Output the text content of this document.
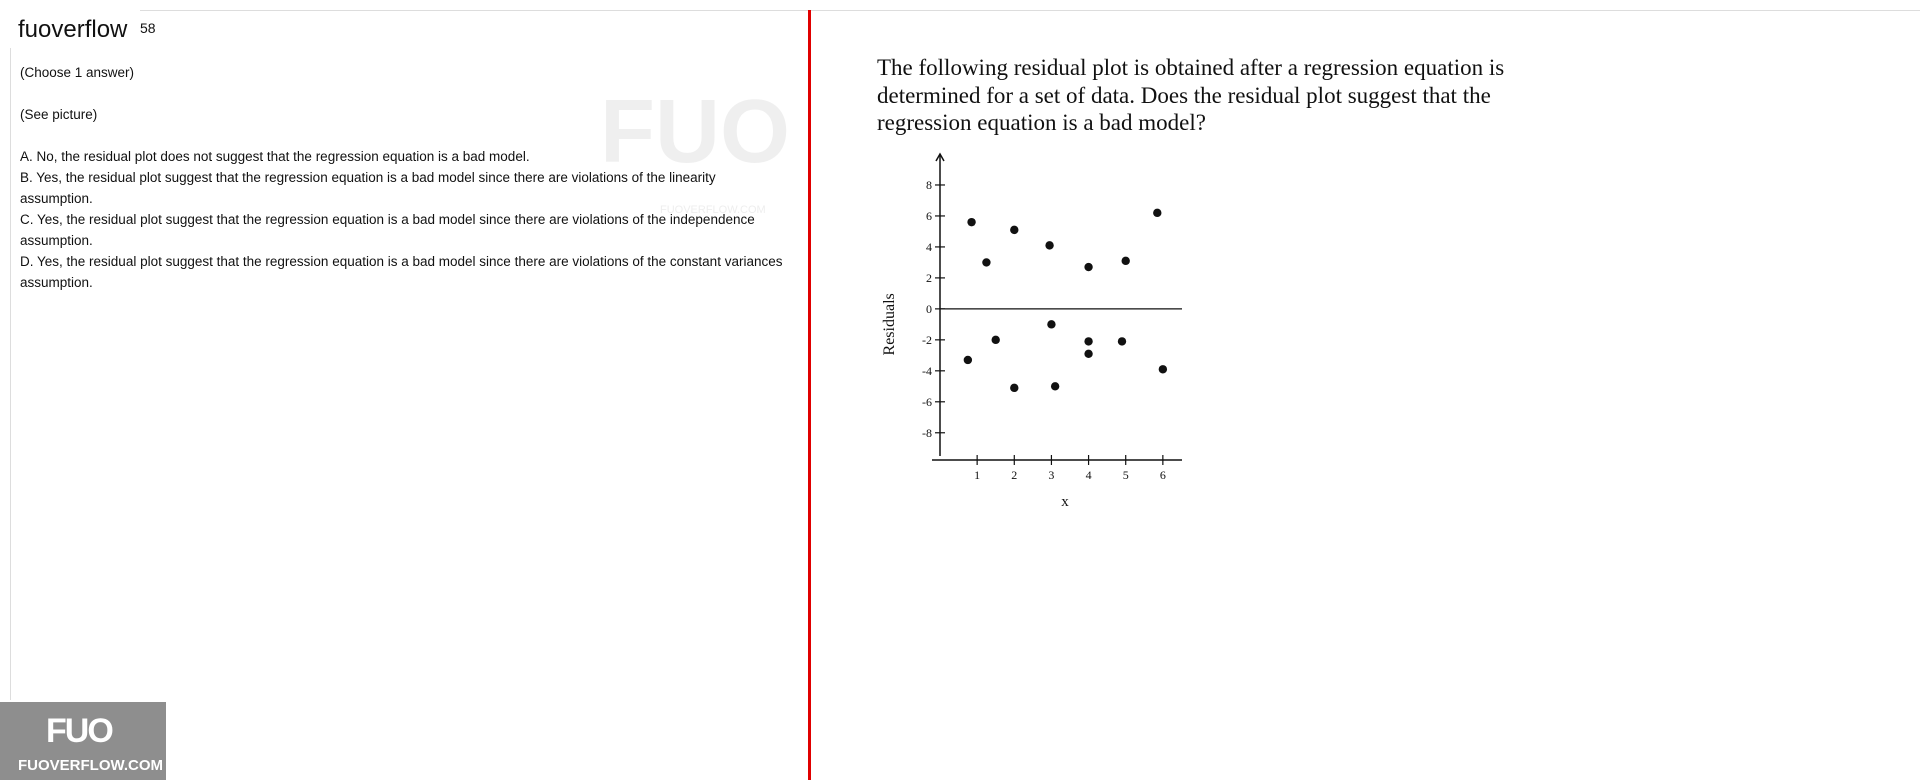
fuoverflow 58
FUO
FUOVERFLOW.COM

(Choose 1 answer)

(See picture)

A. No, the residual plot does not suggest that the regression equation is a bad model.

B. Yes, the residual plot suggest that the regression equation is a bad model since there are violations of the linearity assumption.

C. Yes, the residual plot suggest that the regression equation is a bad model since there are violations of the independence assumption.

D. Yes, the residual plot suggest that the regression equation is a bad model since there are violations of the constant variances assumption.

The following residual plot is obtained after a regression equation is determined for a set of data. Does the residual plot suggest that the regression equation is a bad model?
8
6
4
2
0
-2
-4
-6
-8
1	2	3	4	5	6
x
Residuals
FUO
FUOVERFLOW.COM
